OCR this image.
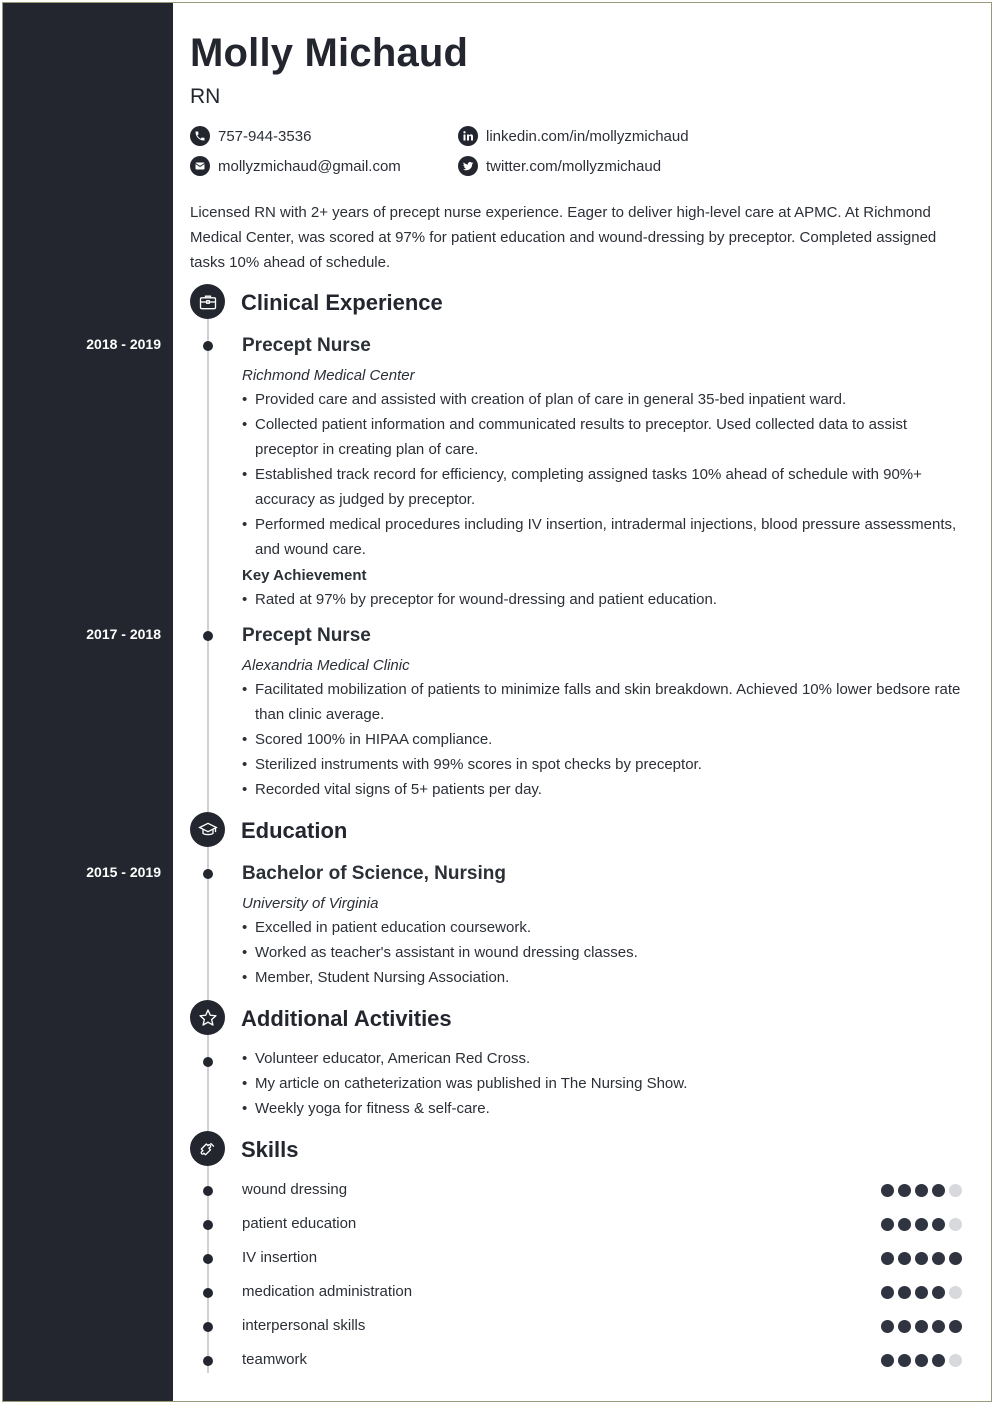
Molly Michaud
RN
757-944-3536
mollyzmichaud@gmail.com
linkedin.com/in/mollyzmichaud
twitter.com/mollyzmichaud
Licensed RN with 2+ years of precept nurse experience. Eager to deliver high-level care at APMC. At Richmond Medical Center, was scored at 97% for patient education and wound-dressing by preceptor. Completed assigned tasks 10% ahead of schedule.
Clinical Experience
2018 - 2019	Precept Nurse
Richmond Medical Center
• Provided care and assisted with creation of plan of care in general 35-bed inpatient ward.
• Collected patient information and communicated results to preceptor. Used collected data to assist preceptor in creating plan of care.
• Established track record for efficiency, completing assigned tasks 10% ahead of schedule with 90%+ accuracy as judged by preceptor.
• Performed medical procedures including IV insertion, intradermal injections, blood pressure assessments, and wound care.
Key Achievement
• Rated at 97% by preceptor for wound-dressing and patient education.
2017 - 2018	Precept Nurse
Alexandria Medical Clinic
• Facilitated mobilization of patients to minimize falls and skin breakdown. Achieved 10% lower bedsore rate than clinic average.
• Scored 100% in HIPAA compliance.
• Sterilized instruments with 99% scores in spot checks by preceptor.
• Recorded vital signs of 5+ patients per day.
Education
2015 - 2019	Bachelor of Science, Nursing
University of Virginia
• Excelled in patient education coursework.
• Worked as teacher's assistant in wound dressing classes.
• Member, Student Nursing Association.
Additional Activities
• Volunteer educator, American Red Cross.
• My article on catheterization was published in The Nursing Show.
• Weekly yoga for fitness & self-care.
Skills
wound dressing
patient education
IV insertion
medication administration
interpersonal skills
teamwork
